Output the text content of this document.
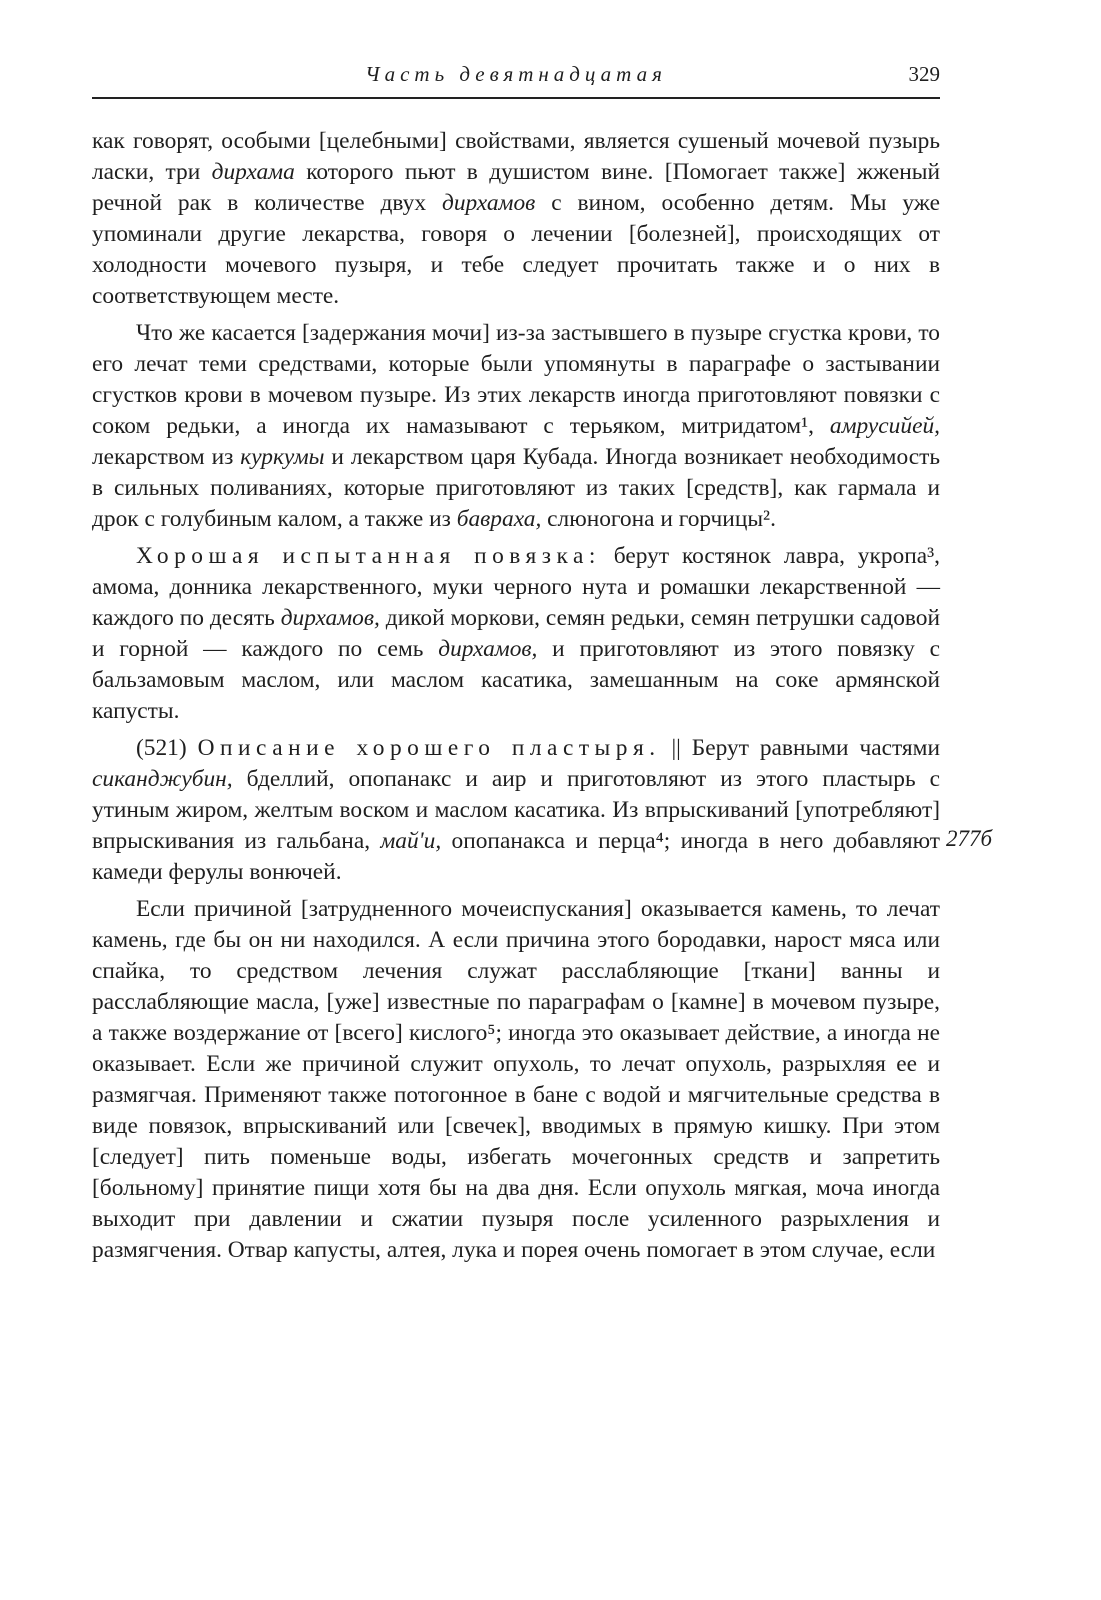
Часть девятнадцатая	329

как говорят, особыми [целебными] свойствами, является сушеный мочевой пузырь ласки, три дирхама которого пьют в душистом вине. [Помогает также] жженый речной рак в количестве двух дирхамов с вином, особенно детям. Мы уже упоминали другие лекарства, говоря о лечении [болезней], происходящих от холодности мочевого пузыря, и тебе следует прочитать также и о них в соответствующем месте.

Что же касается [задержания мочи] из-за застывшего в пузыре сгустка крови, то его лечат теми средствами, которые были упомянуты в параграфе о застывании сгустков крови в мочевом пузыре. Из этих лекарств иногда приготовляют повязки с соком редьки, а иногда их намазывают с терьяком, митридатом¹, амрусийей, лекарством из куркумы и лекарством царя Кубада. Иногда возникает необходимость в сильных поливаниях, которые приготовляют из таких [средств], как гармала и дрок с голубиным калом, а также из бавраха, слюногона и горчицы².

Хорошая испытанная повязка: берут костянок лавра, укропа³, амома, донника лекарственного, муки черного нута и ромашки лекарственной — каждого по десять дирхамов, дикой моркови, семян редьки, семян петрушки садовой и горной — каждого по семь дирхамов, и приготовляют из этого повязку с бальзамовым маслом, или маслом касатика, замешанным на соке армянской капусты.

(521) Описание хорошего пластыря. || Берут равными частями сиканджубин, бделлий, опопанакс и аир и приготовляют из этого пластырь с утиным жиром, желтым воском и маслом касатика. Из впрыскиваний [употребляют] впрыскивания из гальбана, май'и, опопанакса и перца⁴; иногда в него добавляют камеди ферулы вонючей.

Если причиной [затрудненного мочеиспускания] оказывается камень, то лечат камень, где бы он ни находился. А если причина этого бородавки, нарост мяса или спайка, то средством лечения служат расслабляющие [ткани] ванны и расслабляющие масла, [уже] известные по параграфам о [камне] в мочевом пузыре, а также воздержание от [всего] кислого⁵; иногда это оказывает действие, а иногда не оказывает. Если же причиной служит опухоль, то лечат опухоль, разрыхляя ее и размягчая. Применяют также потогонное в бане с водой и мягчительные средства в виде повязок, впрыскиваний или [свечек], вводимых в прямую кишку. При этом [следует] пить поменьше воды, избегать мочегонных средств и запретить [больному] принятие пищи хотя бы на два дня. Если опухоль мягкая, моча иногда выходит при давлении и сжатии пузыря после усиленного разрыхления и размягчения. Отвар капусты, алтея, лука и порея очень помогает в этом случае, если

277б
